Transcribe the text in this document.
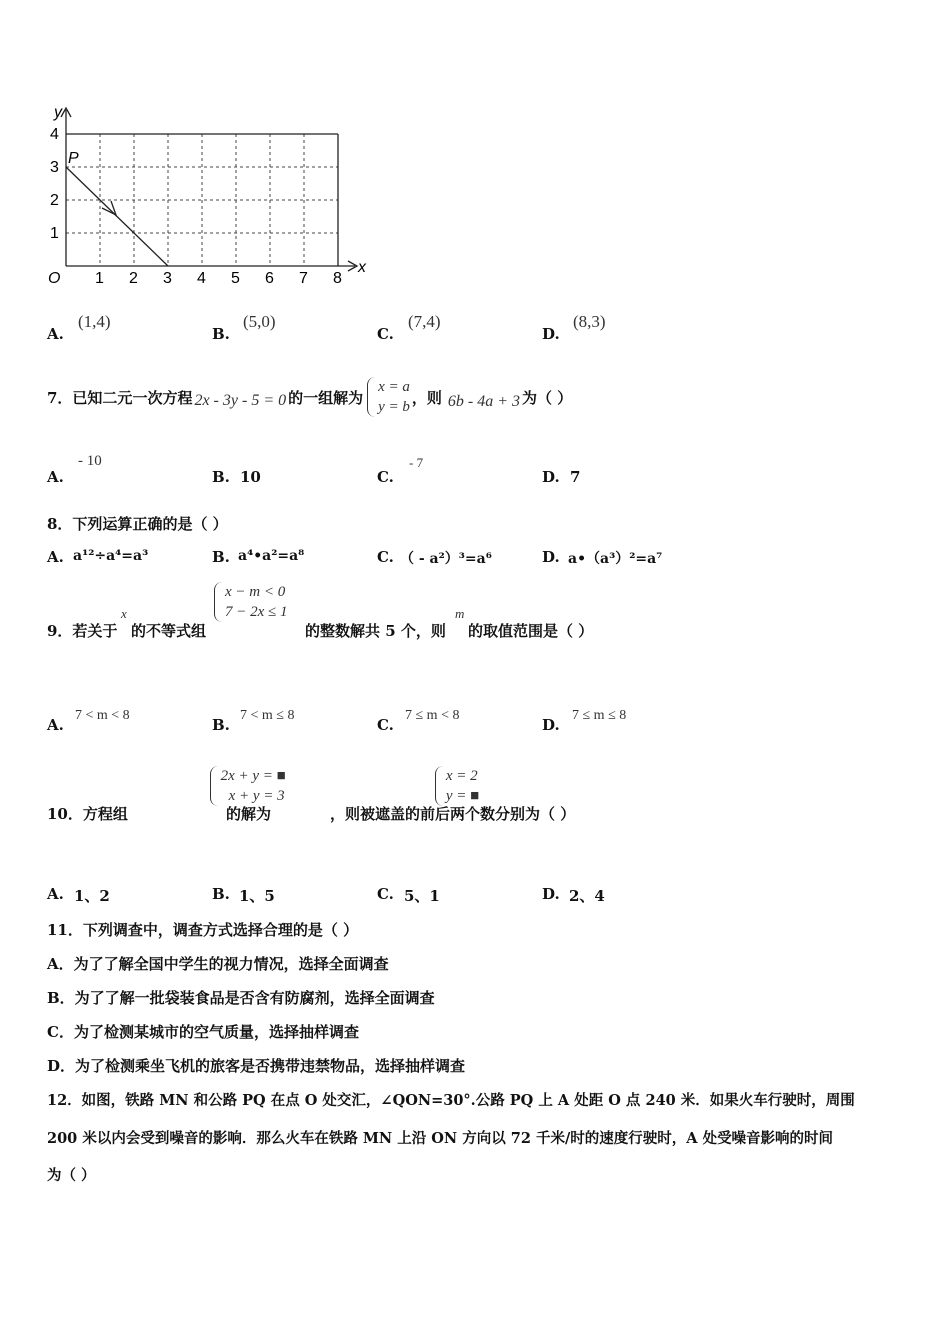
y
x
O
P
1
2
3
4
1 2 3 4 5 6 7 8
A.
(1,4)
B.
(5,0)
C.
(7,4)
D.
(8,3)
7．已知二元一次方程 2x - 3y - 5 = 0 的一组解为
x = a
y = b
，则 6b - 4a + 3 为（ ）
A.
- 10
B. 10	C.
- 7
D. 7
8．下列运算正确的是（ ）
A. a¹²÷a⁴=a³	B. a⁴•a²=a⁸	C. （ - a²）³=a⁶	D. a•（a³）²=a⁷
9．若关于
x
的不等式组
x − m < 0
7 − 2x ≤ 1

的整数解共 5 个，则
m
的取值范围是（ ）
A.
7 < m < 8
B.
7 < m ≤ 8
C.
7 ≤ m < 8
D.
7 ≤ m ≤ 8
10．方程组
2x + y = ■
x + y = 3

的解为
x = 2
y = ■
，则被遮盖的前后两个数分别为（ ）
A. 1、2	B. 1、5	C. 5、1	D. 2、4
11．下列调查中，调查方式选择合理的是（ ）
A．为了了解全国中学生的视力情况，选择全面调查
B．为了了解一批袋装食品是否含有防腐剂，选择全面调查
C．为了检测某城市的空气质量，选择抽样调查
D．为了检测乘坐飞机的旅客是否携带违禁物品，选择抽样调查
12．如图，铁路 MN 和公路 PQ 在点 O 处交汇，∠QON=30°.公路 PQ 上 A 处距 O 点 240 米．如果火车行驶时，周围
200 米以内会受到噪音的影响．那么火车在铁路 MN 上沿 ON 方向以 72 千米/时的速度行驶时，A 处受噪音影响的时间
为（ ）
